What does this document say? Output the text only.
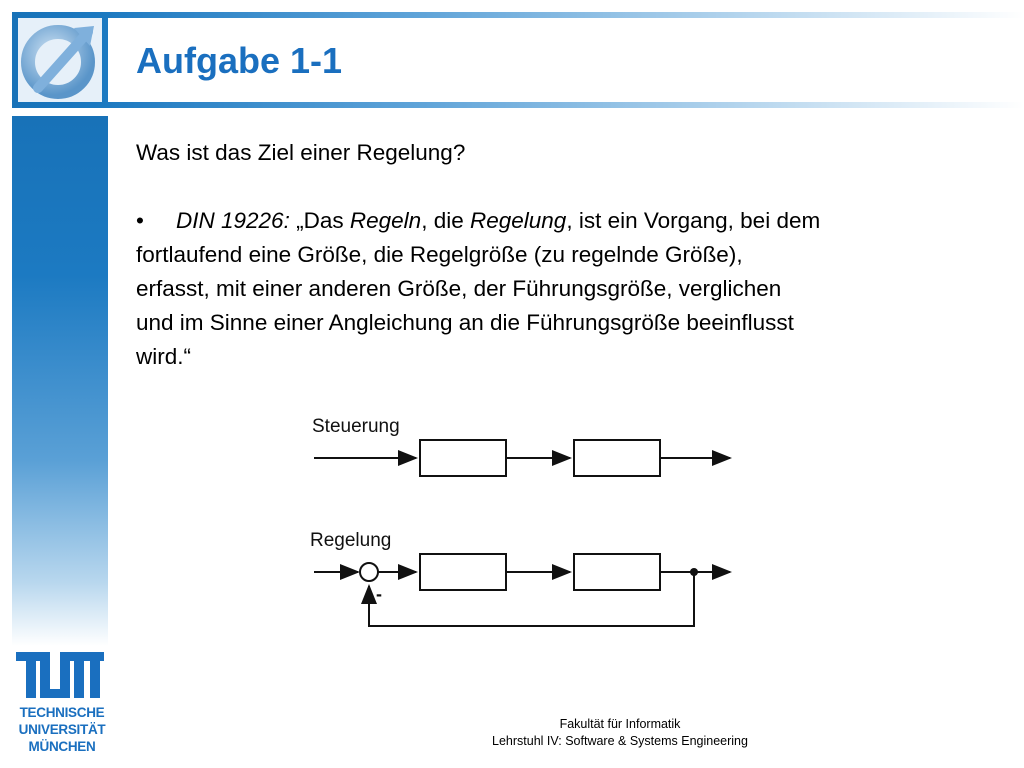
Aufgabe 1-1
Was ist das Ziel einer Regelung?
• DIN 19226: „Das Regeln, die Regelung, ist ein Vorgang, bei dem
fortlaufend eine Größe, die Regelgröße (zu regelnde Größe),
erfasst, mit einer anderen Größe, der Führungsgröße, verglichen
und im Sinne einer Angleichung an die Führungsgröße beeinflusst
wird.“
Steuerung
Regelung
-
TECHNISCHE
UNIVERSITÄT
MÜNCHEN
Fakultät für Informatik
Lehrstuhl IV: Software & Systems Engineering
